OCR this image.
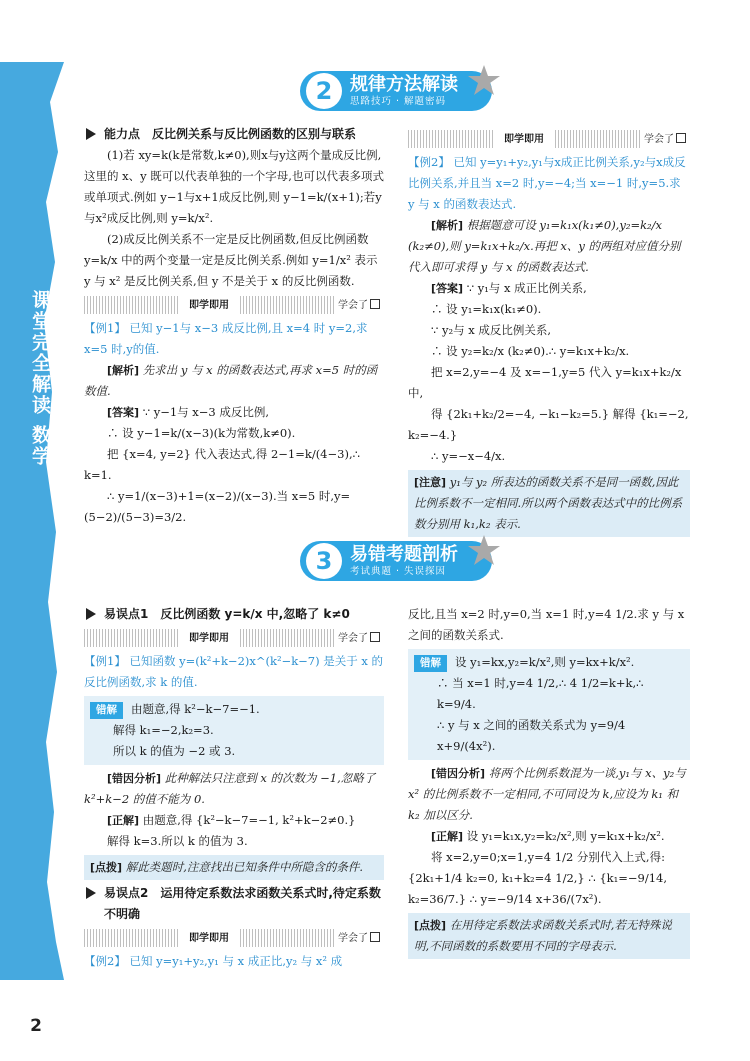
课堂完全解读 数学
2
2 规律方法解读
思路技巧 · 解题密码
能力点　反比例关系与反比例函数的区别与联系

(1)若 xy=k(k是常数,k≠0),则x与y这两个量成反比例,这里的 x、y 既可以代表单独的一个字母,也可以代表多项式或单项式.例如 y−1与x+1成反比例,则 y−1=k/(x+1);若y与x²成反比例,则 y=k/x².

(2)成反比例关系不一定是反比例函数,但反比例函数 y=k/x 中的两个变量一定是反比例关系.例如 y=1/x² 表示 y 与 x² 是反比例关系,但 y 不是关于 x 的反比例函数.

即学即用	学会了

【例1】 已知 y−1与 x−3 成反比例,且 x=4 时 y=2,求 x=5 时,y的值.

[解析] 先求出 y 与 x 的函数表达式,再求 x=5 时的函数值.

[答案] ∵ y−1与 x−3 成反比例,

∴ 设 y−1=k/(x−3)(k为常数,k≠0).

把 {x=4, y=2} 代入表达式,得 2−1=k/(4−3),∴ k=1.

∴ y=1/(x−3)+1=(x−2)/(x−3).当 x=5 时,y=(5−2)/(5−3)=3/2.

即学即用	学会了

【例2】 已知 y=y₁+y₂,y₁与x成正比例关系,y₂与x成反比例关系,并且当 x=2 时,y=−4;当 x=−1 时,y=5.求 y 与 x 的函数表达式.

[解析] 根据题意可设 y₁=k₁x(k₁≠0),y₂=k₂/x (k₂≠0),则 y=k₁x+k₂/x.再把 x、y 的两组对应值分别代入即可求得 y 与 x 的函数表达式.

[答案] ∵ y₁与 x 成正比例关系,

∴ 设 y₁=k₁x(k₁≠0).

∵ y₂与 x 成反比例关系,

∴ 设 y₂=k₂/x (k₂≠0).∴ y=k₁x+k₂/x.

把 x=2,y=−4 及 x=−1,y=5 代入 y=k₁x+k₂/x 中,

得 {2k₁+k₂/2=−4, −k₁−k₂=5.} 解得 {k₁=−2, k₂=−4.}

∴ y=−x−4/x.

[注意] y₁与 y₂ 所表达的函数关系不是同一函数,因此比例系数不一定相同.所以两个函数表达式中的比例系数分别用 k₁,k₂ 表示.
3 易错考题剖析
考试典题 · 失误探因
易误点1　反比例函数 y=k/x 中,忽略了 k≠0
即学即用	学会了

【例1】 已知函数 y=(k²+k−2)x^(k²−k−7) 是关于 x 的反比例函数,求 k 的值.

错解 由题意,得 k²−k−7=−1.
解得 k₁=−2,k₂=3.
所以 k 的值为 −2 或 3.

[错因分析] 此种解法只注意到 x 的次数为 −1,忽略了 k²+k−2 的值不能为 0.

[正解] 由题意,得 {k²−k−7=−1, k²+k−2≠0.}

解得 k=3.所以 k 的值为 3.

[点拨] 解此类题时,注意找出已知条件中所隐含的条件.
易误点2　运用待定系数法求函数关系式时,待定系数不明确
即学即用	学会了

【例2】 已知 y=y₁+y₂,y₁ 与 x 成正比,y₂ 与 x² 成

反比,且当 x=2 时,y=0,当 x=1 时,y=4 1/2.求 y 与 x 之间的函数关系式.

错解 设 y₁=kx,y₂=k/x²,则 y=kx+k/x².
∴ 当 x=1 时,y=4 1/2,∴ 4 1/2=k+k,∴ k=9/4.
∴ y 与 x 之间的函数关系式为 y=9/4 x+9/(4x²).

[错因分析] 将两个比例系数混为一谈,y₁与 x、y₂与 x² 的比例系数不一定相同,不可同设为 k,应设为 k₁ 和 k₂ 加以区分.

[正解] 设 y₁=k₁x,y₂=k₂/x²,则 y=k₁x+k₂/x².

将 x=2,y=0;x=1,y=4 1/2 分别代入上式,得:

{2k₁+1/4 k₂=0, k₁+k₂=4 1/2,} ∴ {k₁=−9/14, k₂=36/7.} ∴ y=−9/14 x+36/(7x²).

[点拨] 在用待定系数法求函数关系式时,若无特殊说明,不同函数的系数要用不同的字母表示.
